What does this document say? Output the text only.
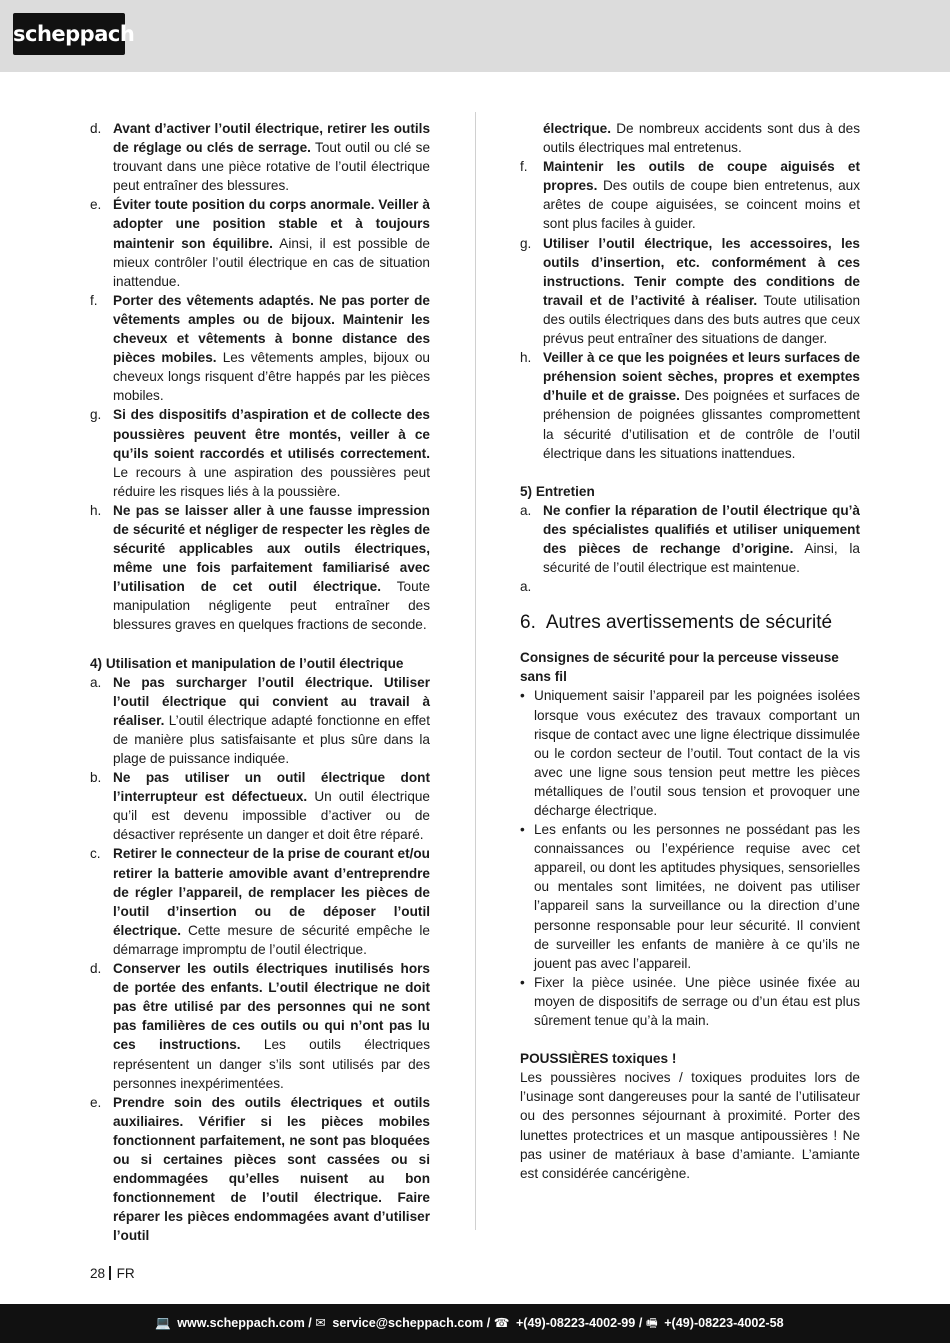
scheppach
d. Avant d’activer l’outil électrique, retirer les outils de réglage ou clés de serrage. Tout outil ou clé se trouvant dans une pièce rotative de l’outil électrique peut entraîner des blessures.
e. Éviter toute position du corps anormale. Veiller à adopter une position stable et à toujours maintenir son équilibre. Ainsi, il est possible de mieux contrôler l’outil électrique en cas de situation inattendue.
f. Porter des vêtements adaptés. Ne pas porter de vêtements amples ou de bijoux. Maintenir les cheveux et vêtements à bonne distance des pièces mobiles. Les vêtements amples, bijoux ou cheveux longs risquent d’être happés par les pièces mobiles.
g. Si des dispositifs d’aspiration et de collecte des poussières peuvent être montés, veiller à ce qu’ils soient raccordés et utilisés correctement. Le recours à une aspiration des poussières peut réduire les risques liés à la poussière.
h. Ne pas se laisser aller à une fausse impression de sécurité et négliger de respecter les règles de sécurité applicables aux outils électriques, même une fois parfaitement familiarisé avec l’utilisation de cet outil électrique. Toute manipulation négligente peut entraîner des blessures graves en quelques fractions de seconde.
4) Utilisation et manipulation de l’outil électrique
a. Ne pas surcharger l’outil électrique. Utiliser l’outil électrique qui convient au travail à réaliser. L’outil électrique adapté fonctionne en effet de manière plus satisfaisante et plus sûre dans la plage de puissance indiquée.
b. Ne pas utiliser un outil électrique dont l’interrupteur est défectueux. Un outil électrique qu’il est devenu impossible d’activer ou de désactiver représente un danger et doit être réparé.
c. Retirer le connecteur de la prise de courant et/ou retirer la batterie amovible avant d’entreprendre de régler l’appareil, de remplacer les pièces de l’outil d’insertion ou de déposer l’outil électrique. Cette mesure de sécurité empêche le démarrage impromptu de l’outil électrique.
d. Conserver les outils électriques inutilisés hors de portée des enfants. L’outil électrique ne doit pas être utilisé par des personnes qui ne sont pas familières de ces outils ou qui n’ont pas lu ces instructions. Les outils électriques représentent un danger s’ils sont utilisés par des personnes inexpérimentées.
e. Prendre soin des outils électriques et outils auxiliaires. Vérifier si les pièces mobiles fonctionnent parfaitement, ne sont pas bloquées ou si certaines pièces sont cassées ou si endommagées qu’elles nuisent au bon fonctionnement de l’outil électrique. Faire réparer les pièces endommagées avant d’utiliser l’outil
électrique. De nombreux accidents sont dus à des outils électriques mal entretenus.
f. Maintenir les outils de coupe aiguisés et propres. Des outils de coupe bien entretenus, aux arêtes de coupe aiguisées, se coincent moins et sont plus faciles à guider.
g. Utiliser l’outil électrique, les accessoires, les outils d’insertion, etc. conformément à ces instructions. Tenir compte des conditions de travail et de l’activité à réaliser. Toute utilisation des outils électriques dans des buts autres que ceux prévus peut entraîner des situations de danger.
h. Veiller à ce que les poignées et leurs surfaces de préhension soient sèches, propres et exemptes d’huile et de graisse. Des poignées et surfaces de préhension de poignées glissantes compromettent la sécurité d’utilisation et de contrôle de l’outil électrique dans les situations inattendues.
5) Entretien
a. Ne confier la réparation de l’outil électrique qu’à des spécialistes qualifiés et utiliser uniquement des pièces de rechange d’origine. Ainsi, la sécurité de l’outil électrique est maintenue.
a.

6. Autres avertissements de sécurité
Consignes de sécurité pour la perceuse visseuse sans fil
• Uniquement saisir l’appareil par les poignées isolées lorsque vous exécutez des travaux comportant un risque de contact avec une ligne électrique dissimulée ou le cordon secteur de l’outil. Tout contact de la vis avec une ligne sous tension peut mettre les pièces métalliques de l’outil sous tension et provoquer une décharge électrique.
• Les enfants ou les personnes ne possédant pas les connaissances ou l’expérience requise avec cet appareil, ou dont les aptitudes physiques, sensorielles ou mentales sont limitées, ne doivent pas utiliser l’appareil sans la surveillance ou la direction d’une personne responsable pour leur sécurité. Il convient de surveiller les enfants de manière à ce qu’ils ne jouent pas avec l’appareil.
• Fixer la pièce usinée. Une pièce usinée fixée au moyen de dispositifs de serrage ou d’un étau est plus sûrement tenue qu’à la main.
POUSSIÈRES toxiques !
Les poussières nocives / toxiques produites lors de l’usinage sont dangereuses pour la santé de l’utilisateur ou des personnes séjournant à proximité. Porter des lunettes protectrices et un masque antipoussières ! Ne pas usiner de matériaux à base d’amiante. L’amiante est considérée cancérigène.
28 FR
💻 www.scheppach.com / ✉ service@scheppach.com / ☎ +(49)-08223-4002-99 / 🖷 +(49)-08223-4002-58
